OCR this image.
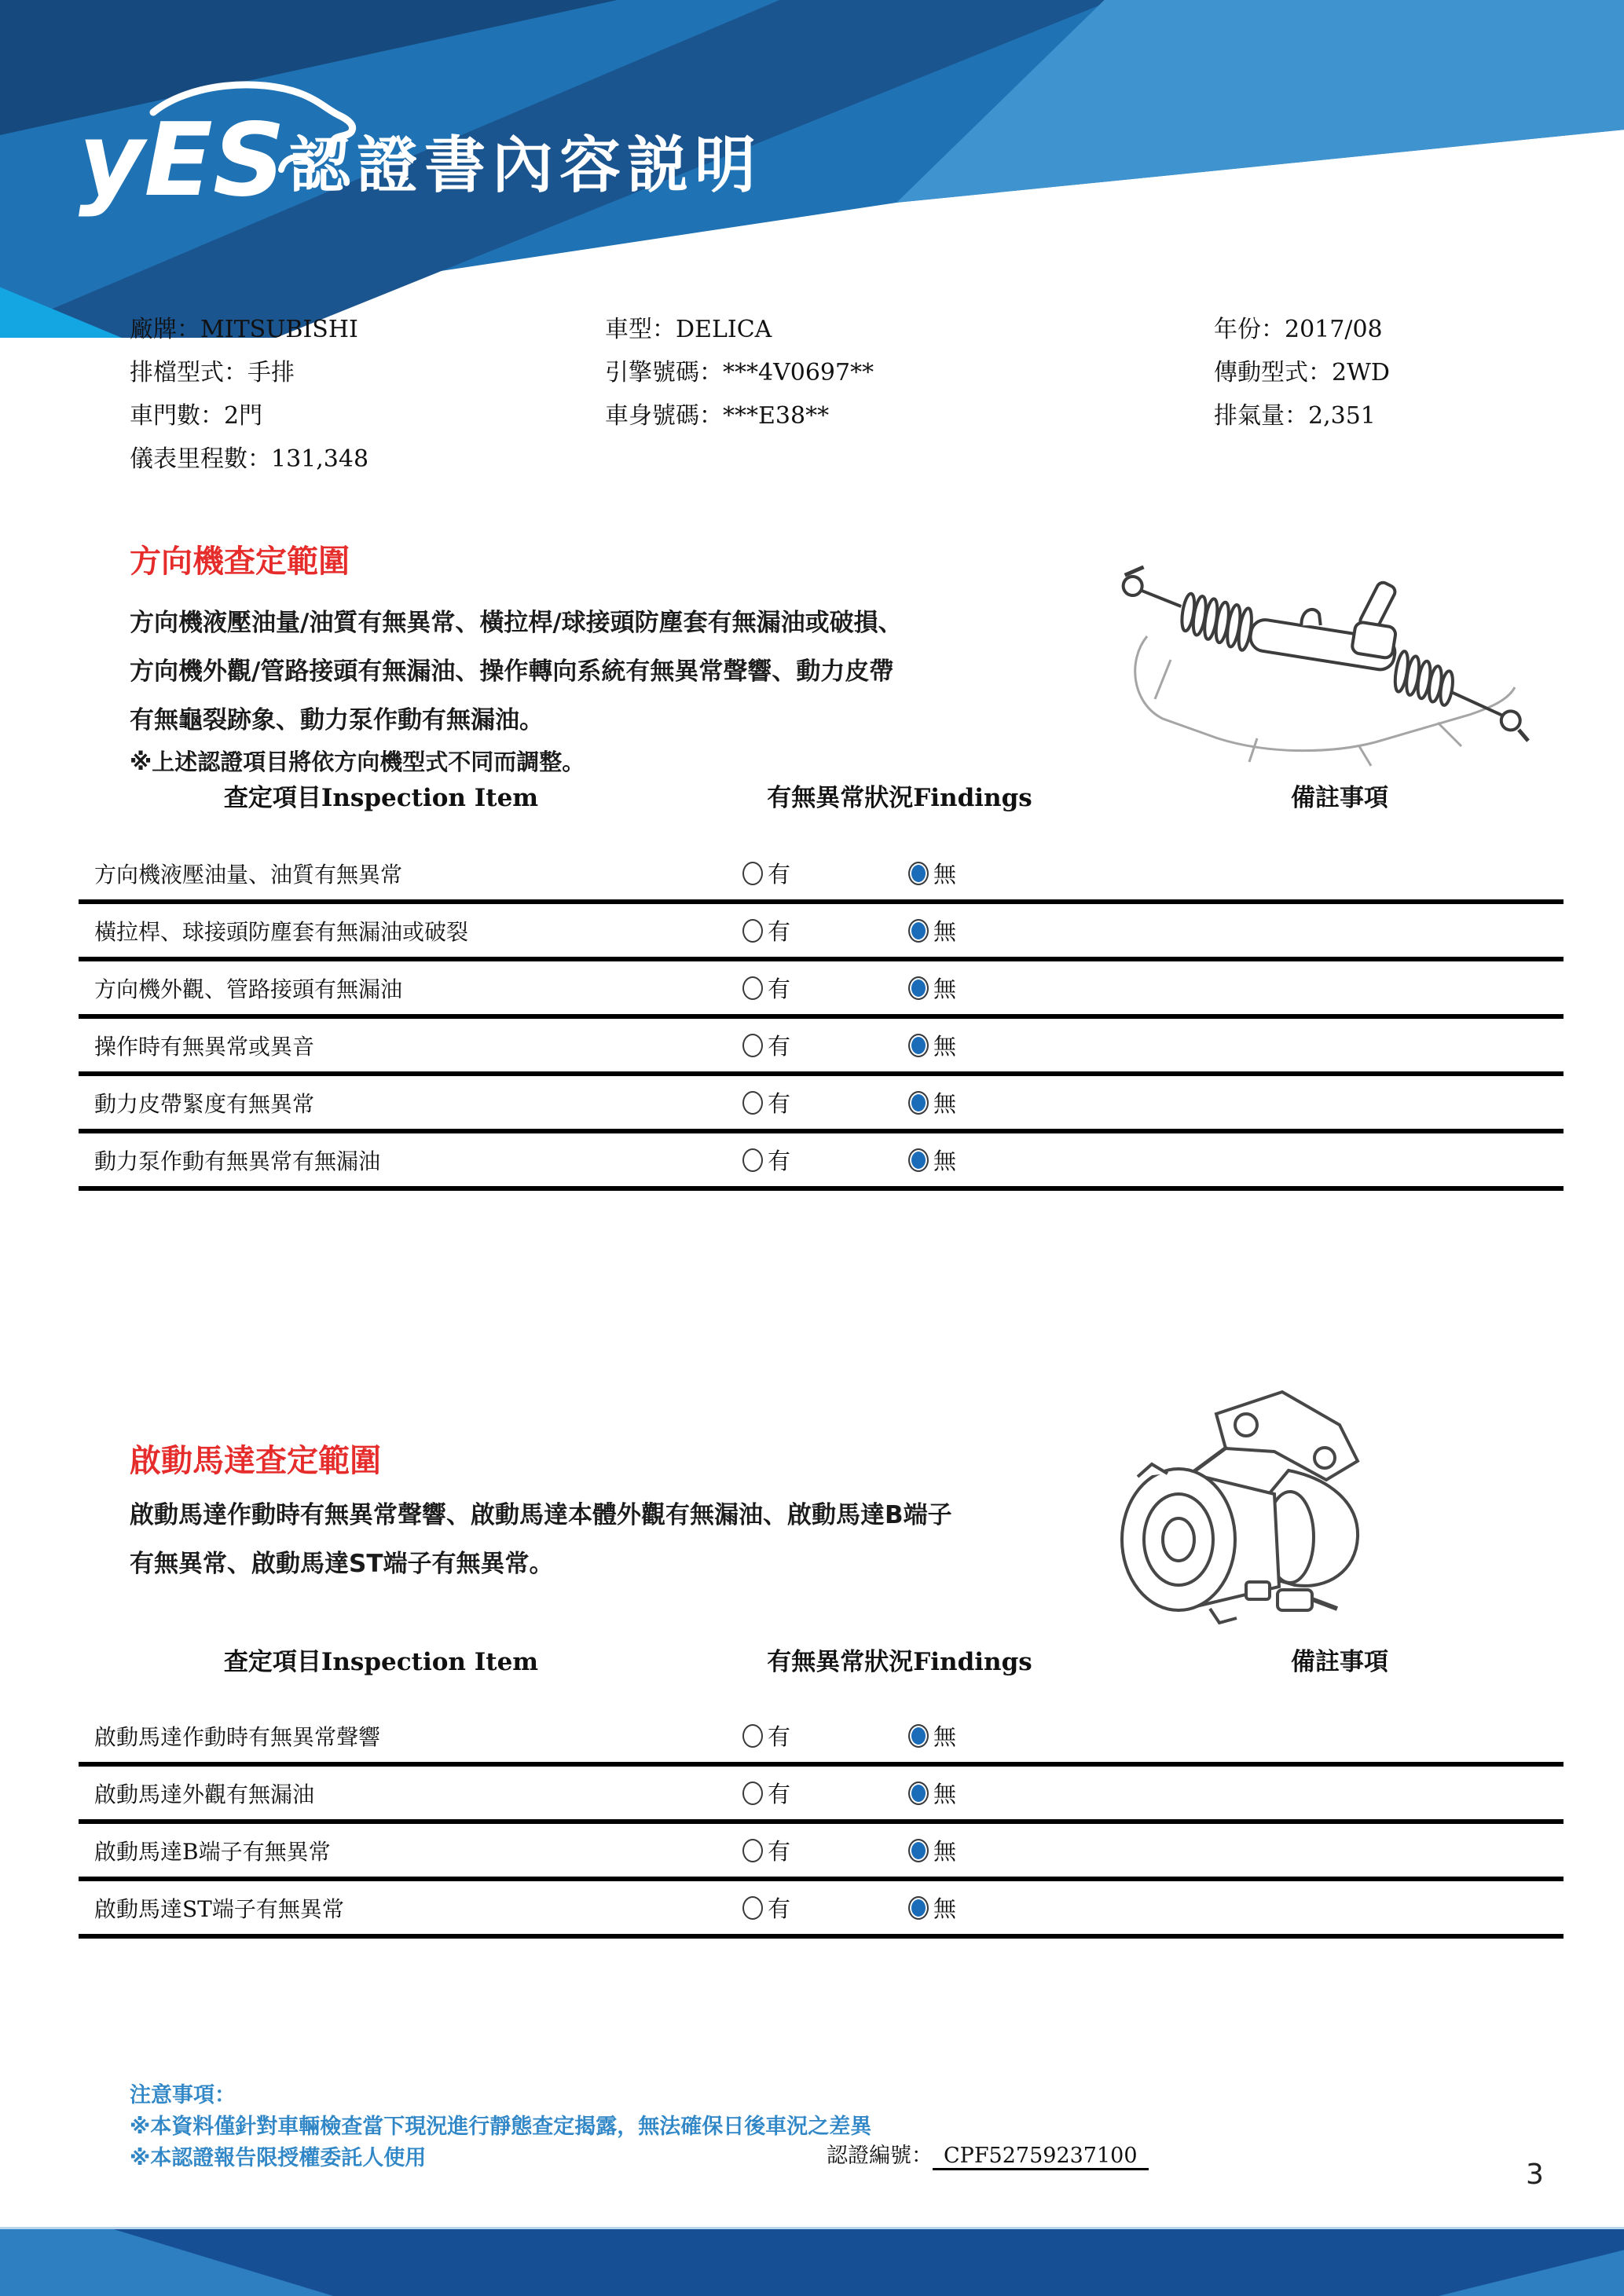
yES 認證書內容説明
廠牌：MITSUBISHI
排檔型式：手排
車門數：2門
儀表里程數：131,348
車型：DELICA
引擎號碼：***4V0697**
車身號碼：***E38**
年份：2017/08
傳動型式：2WD
排氣量：2,351
方向機查定範圍
方向機液壓油量/油質有無異常、橫拉桿/球接頭防塵套有無漏油或破損、
方向機外觀/管路接頭有無漏油、操作轉向系統有無異常聲響、動力皮帶
有無龜裂跡象、動力泵作動有無漏油。
※上述認證項目將依方向機型式不同而調整。
查定項目Inspection Item	有無異常狀況Findings	備註事項
方向機液壓油量、油質有無異常	有	無
橫拉桿、球接頭防塵套有無漏油或破裂	有	無
方向機外觀、管路接頭有無漏油	有	無
操作時有無異常或異音	有	無
動力皮帶緊度有無異常	有	無
動力泵作動有無異常有無漏油	有	無
啟動馬達查定範圍
啟動馬達作動時有無異常聲響、啟動馬達本體外觀有無漏油、啟動馬達B端子
有無異常、啟動馬達ST端子有無異常。
查定項目Inspection Item	有無異常狀況Findings	備註事項
啟動馬達作動時有無異常聲響	有	無
啟動馬達外觀有無漏油	有	無
啟動馬達B端子有無異常	有	無
啟動馬達ST端子有無異常	有	無
注意事項：
※本資料僅針對車輛檢查當下現況進行靜態查定揭露，無法確保日後車況之差異
※本認證報告限授權委託人使用	認證編號： CPF52759237100
3
